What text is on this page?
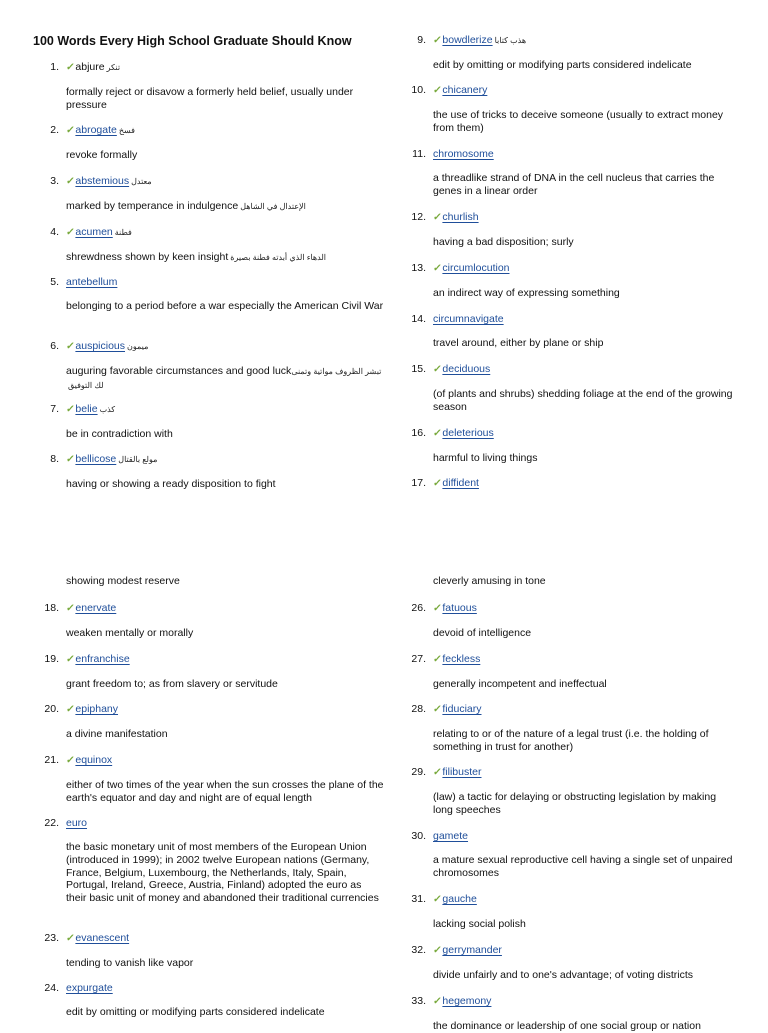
100 Words Every High School Graduate Should Know
1. ✓abjure تنكر
formally reject or disavow a formerly held belief, usually under pressure
2. ✓abrogate فسخ
revoke formally
3. ✓abstemious معتدل
marked by temperance in indulgence الإعتدال في الشاهل
4. ✓acumen فطنة
shrewdness shown by keen insight الدهاء الذي أبدته فطنة بصيرة
5. antebellum
belonging to a period before a war especially the American Civil War
6. ✓auspicious ميمون
auguring favorable circumstances and good luckتبشر الظروف مواتية وتمنى لك التوفيق
7. ✓belie كذب
be in contradiction with
8. ✓bellicose مولع بالقتال
having or showing a ready disposition to fight
9. ✓bowdlerize هذب كتابا
edit by omitting or modifying parts considered indelicate
10. ✓chicanery
the use of tricks to deceive someone (usually to extract money from them)
11. chromosome
a threadlike strand of DNA in the cell nucleus that carries the genes in a linear order
12. ✓churlish
having a bad disposition; surly
13. ✓circumlocution
an indirect way of expressing something
14. circumnavigate
travel around, either by plane or ship
15. ✓deciduous
(of plants and shrubs) shedding foliage at the end of the growing season
16. ✓deleterious
harmful to living things
17. ✓diffident
showing modest reserve	cleverly amusing in tone
18. ✓enervate
weaken mentally or morally
19. ✓enfranchise
grant freedom to; as from slavery or servitude
20. ✓epiphany
a divine manifestation
21. ✓equinox
either of two times of the year when the sun crosses the plane of the earth's equator and day and night are of equal length
22. euro
the basic monetary unit of most members of the European Union (introduced in 1999); in 2002 twelve European nations (Germany, France, Belgium, Luxembourg, the Netherlands, Italy, Spain, Portugal, Ireland, Greece, Austria, Finland) adopted the euro as their basic unit of money and abandoned their traditional currencies
23. ✓evanescent
tending to vanish like vapor
24. expurgate
edit by omitting or modifying parts considered indelicate
26. ✓fatuous
devoid of intelligence
27. ✓feckless
generally incompetent and ineffectual
28. ✓fiduciary
relating to or of the nature of a legal trust (i.e. the holding of something in trust for another)
29. ✓filibuster
(law) a tactic for delaying or obstructing legislation by making long speeches
30. gamete
a mature sexual reproductive cell having a single set of unpaired chromosomes
31. ✓gauche
lacking social polish
32. ✓gerrymander
divide unfairly and to one's advantage; of voting districts
33. ✓hegemony
the dominance or leadership of one social group or nation
